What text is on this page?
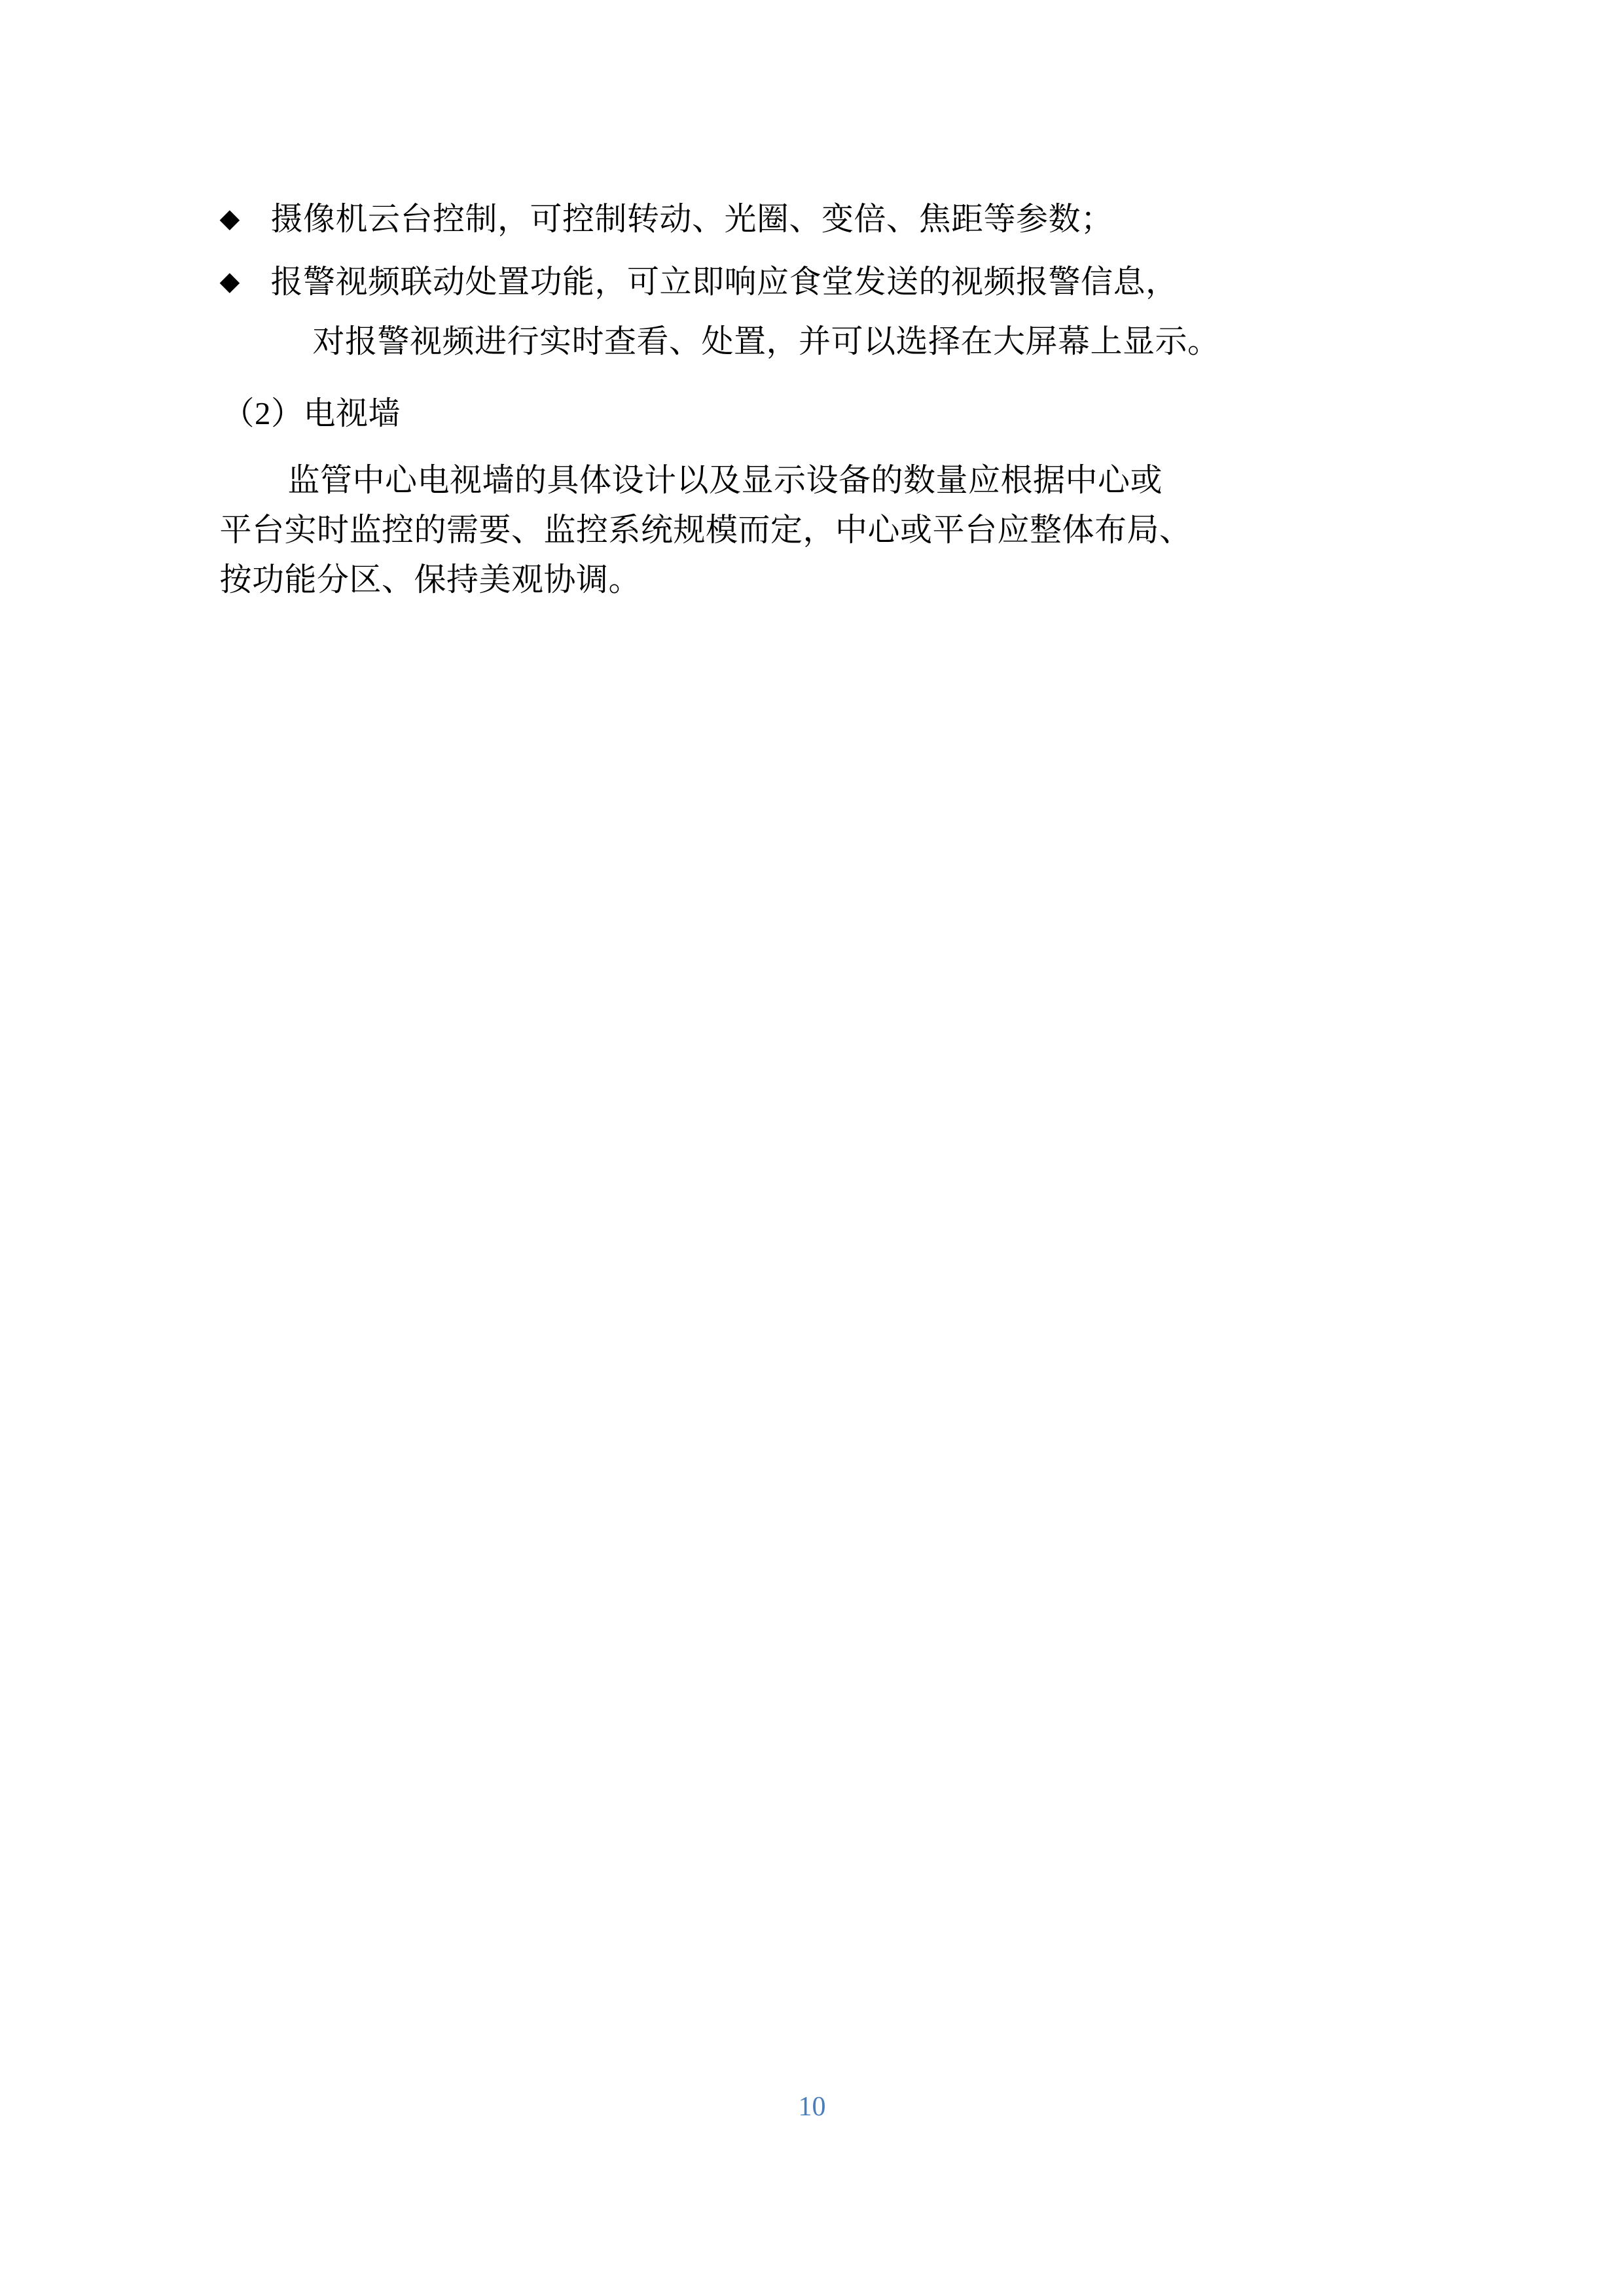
◆ 摄像机云台控制，可控制转动、光圈、变倍、焦距等参数；
◆ 报警视频联动处置功能，可立即响应食堂发送的视频报警信息，
对报警视频进行实时查看、处置，并可以选择在大屏幕上显示。
（2）电视墙
监管中心电视墙的具体设计以及显示设备的数量应根据中心或
平台实时监控的需要、监控系统规模而定，中心或平台应整体布局、
按功能分区、保持美观协调。
10
